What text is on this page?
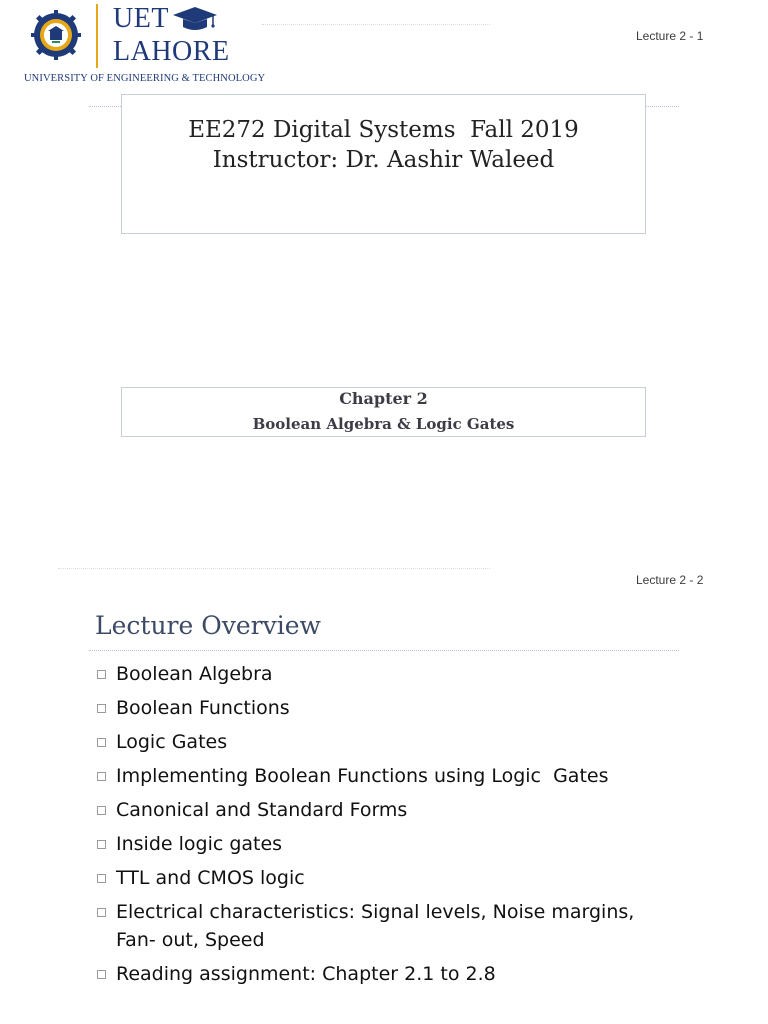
UET
LAHORE
UNIVERSITY OF ENGINEERING & TECHNOLOGY
Lecture 2 - 1
EE272 Digital Systems  Fall 2019
Instructor: Dr. Aashir Waleed
Chapter 2
Boolean Algebra & Logic Gates
Lecture 2 - 2
Lecture Overview
Boolean Algebra
Boolean Functions
Logic Gates
Implementing Boolean Functions using Logic  Gates
Canonical and Standard Forms
Inside logic gates
TTL and CMOS logic
Electrical characteristics: Signal levels, Noise margins, Fan- out, Speed
Reading assignment: Chapter 2.1 to 2.8
